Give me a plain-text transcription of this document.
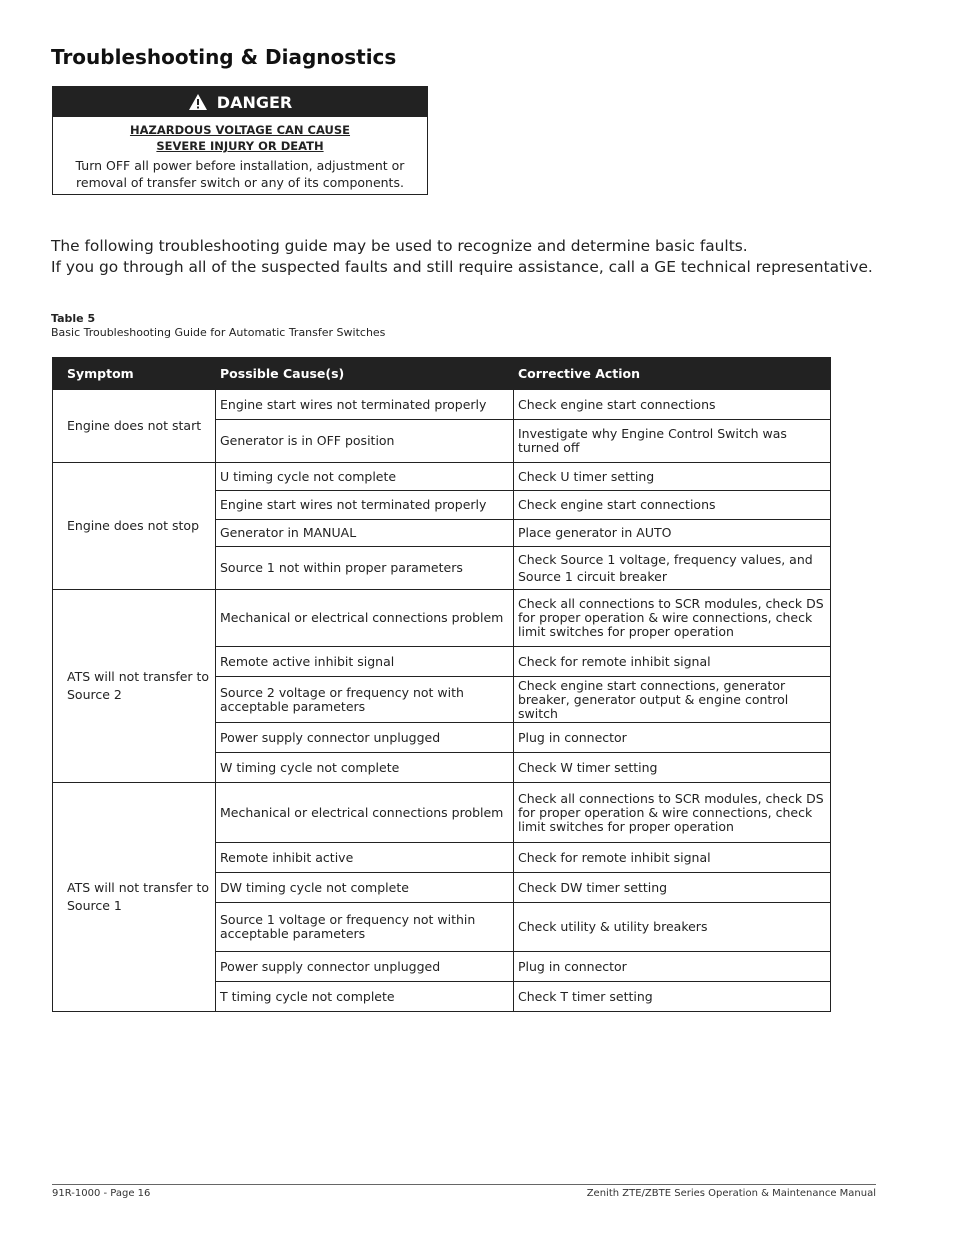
Troubleshooting & Diagnostics
DANGER
HAZARDOUS VOLTAGE CAN CAUSE
SEVERE INJURY OR DEATH
Turn OFF all power before installation, adjustment or
removal of transfer switch or any of its components.

The following troubleshooting guide may be used to recognize and determine basic faults.
If you go through all of the suspected faults and still require assistance, call a GE technical representative.

Table 5
Basic Troubleshooting Guide for Automatic Transfer Switches
Symptom	Possible Cause(s)	Corrective Action
Engine does not start	Engine start wires not terminated properly	Check engine start connections
	Generator is in OFF position	Investigate why Engine Control Switch was turned off
Engine does not stop	U timing cycle not complete	Check U timer setting
	Engine start wires not terminated properly	Check engine start connections
	Generator in MANUAL	Place generator in AUTO
	Source 1 not within proper parameters	Check Source 1 voltage, frequency values, and Source 1 circuit breaker
ATS will not transfer to Source 2	Mechanical or electrical connections problem	Check all connections to SCR modules, check DS for proper operation & wire connections, check limit switches for proper operation
	Remote active inhibit signal	Check for remote inhibit signal
	Source 2 voltage or frequency not with acceptable parameters	Check engine start connections, generator breaker, generator output & engine control switch
	Power supply connector unplugged	Plug in connector
	W timing cycle not complete	Check W timer setting
ATS will not transfer to Source 1	Mechanical or electrical connections problem	Check all connections to SCR modules, check DS for proper operation & wire connections, check limit switches for proper operation
	Remote inhibit active	Check for remote inhibit signal
	DW timing cycle not complete	Check DW timer setting
	Source 1 voltage or frequency not within acceptable parameters	Check utility & utility breakers
	Power supply connector unplugged	Plug in connector
	T timing cycle not complete	Check T timer setting
91R-1000 - Page 16	Zenith ZTE/ZBTE Series Operation & Maintenance Manual
